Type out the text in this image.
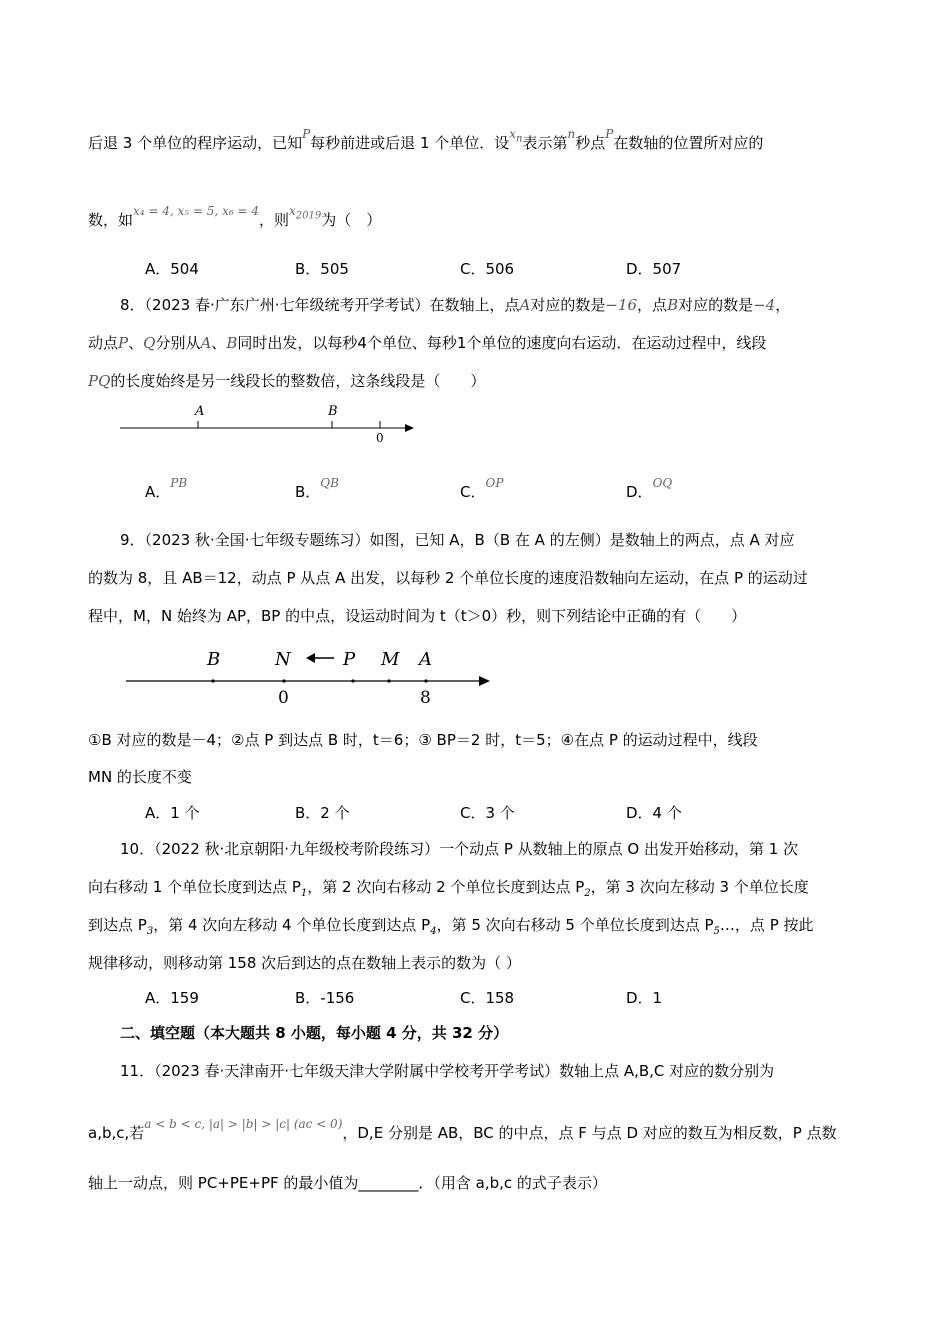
后退 3 个单位的程序运动，已知$^P$每秒前进或后退 1 个单位．设$^{x_n}$表示第$^n$秒点$^P$在数轴的位置所对应的
数，如$^{x_4 = 4, x_5 = 5, x_6 = 4}$，则$^{x_{2019}}$为（　）
A．504	B．505	C．506	D．507
8．（2023 春·广东广州·七年级统考开学考试）在数轴上，点A对应的数是−16，点B对应的数是−4，
动点P、Q分别从A、B同时出发，以每秒4个单位、每秒1个单位的速度向右运动．在运动过程中，线段
PQ的长度始终是另一线段长的整数倍，这条线段是（　　）
A	B
0
A．$^{PB}$	B．$^{QB}$	C．$^{OP}$	D．$^{OQ}$
9．（2023 秋·全国·七年级专题练习）如图，已知 A，B（B 在 A 的左侧）是数轴上的两点，点 A 对应
的数为 8，且 AB＝12，动点 P 从点 A 出发，以每秒 2 个单位长度的速度沿数轴向左运动，在点 P 的运动过
程中，M，N 始终为 AP，BP 的中点，设运动时间为 t（t＞0）秒，则下列结论中正确的有（　　）
B	N	P M A
0	8
①B 对应的数是－4；②点 P 到达点 B 时，t＝6；③ BP＝2 时，t＝5；④在点 P 的运动过程中，线段
MN 的长度不变
A．1 个	B．2 个	C．3 个	D．4 个
10．（2022 秋·北京朝阳·九年级校考阶段练习）一个动点 P 从数轴上的原点 O 出发开始移动，第 1 次
向右移动 1 个单位长度到达点 $P_1$，第 2 次向右移动 2 个单位长度到达点 $P_2$，第 3 次向左移动 3 个单位长度
到达点 $P_3$，第 4 次向左移动 4 个单位长度到达点 $P_4$，第 5 次向右移动 5 个单位长度到达点 $P_5\dots$，点 P 按此
规律移动，则移动第 158 次后到达的点在数轴上表示的数为（ ）
A．159	B．-156	C．158	D．1
二、填空题（本大题共 8 小题，每小题 4 分，共 32 分）
11．（2023 春·天津南开·七年级天津大学附属中学校考开学考试）数轴上点 A,B,C 对应的数分别为
a,b,c,若$^{a < b < c, |a| > |b| > |c| (ac < 0)}$，D,E 分别是 AB，BC 的中点，点 F 与点 D 对应的数互为相反数，P 点数
轴上一动点，则 PC+PE+PF 的最小值为________．（用含 a,b,c 的式子表示）
